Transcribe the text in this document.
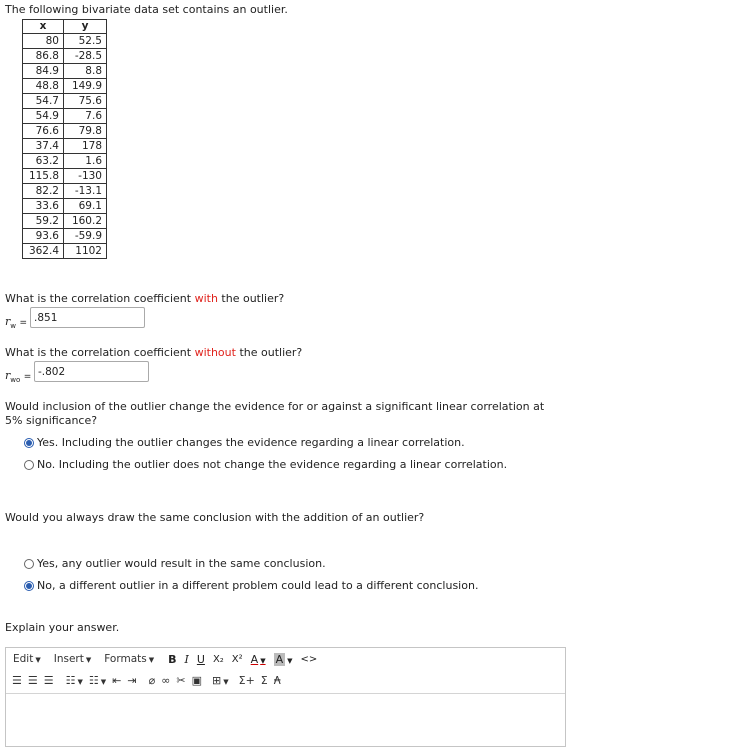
The following bivariate data set contains an outlier.
x	y
80	52.5
86.8	-28.5
84.9	8.8
48.8	149.9
54.7	75.6
54.9	7.6
76.6	79.8
37.4	178
63.2	1.6
115.8	-130
82.2	-13.1
33.6	69.1
59.2	160.2
93.6	-59.9
362.4	1102
What is the correlation coefficient with the outlier?
$r_w = .851$
What is the correlation coefficient without the outlier?
$r_{wo} = -.802$
Would inclusion of the outlier change the evidence for or against a significant linear correlation at 5% significance?
Yes. Including the outlier changes the evidence regarding a linear correlation.
No. Including the outlier does not change the evidence regarding a linear correlation.
Would you always draw the same conclusion with the addition of an outlier?
Yes, any outlier would result in the same conclusion.
No, a different outlier in a different problem could lead to a different conclusion.
Explain your answer.
Edit ▼ Insert ▼ Formats ▼ B I U X₂ X² A ▼ A ▼ <>
☰ ☰ ☰ ☷ ▼ ☷ ▼ ⇤ ⇥ ⌀ ∞ ✂ ▣ ⊞ ▼ Σ+ Σ ₳
